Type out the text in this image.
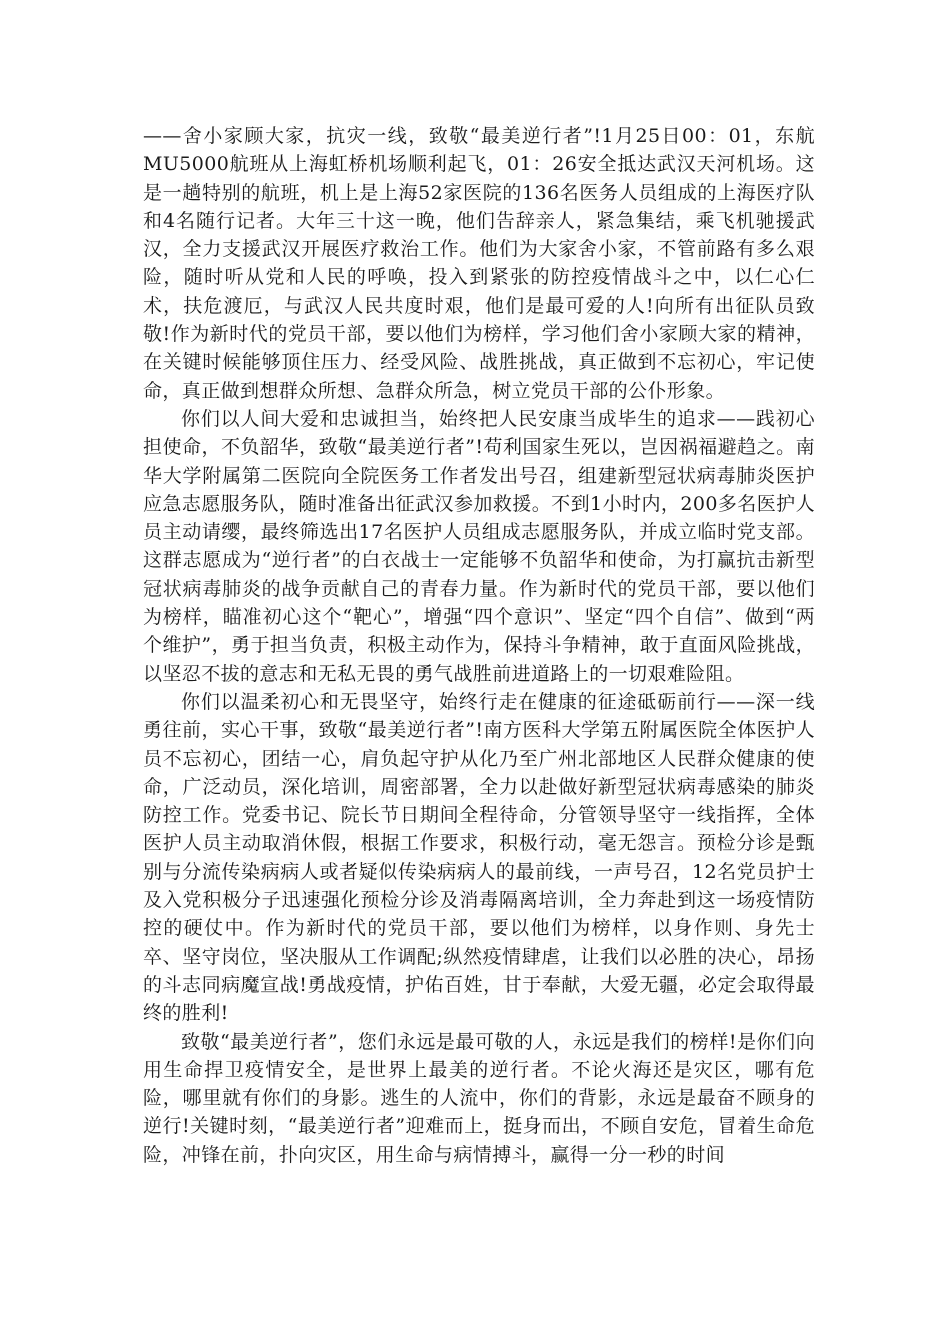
——舍小家顾大家，抗灾一线，致敬“最美逆行者”!1月25日00：01，东航MU5000航班从上海虹桥机场顺利起飞，01：26安全抵达武汉天河机场。这是一趟特别的航班，机上是上海52家医院的136名医务人员组成的上海医疗队和4名随行记者。大年三十这一晚，他们告辞亲人，紧急集结，乘飞机驰援武汉，全力支援武汉开展医疗救治工作。他们为大家舍小家，不管前路有多么艰险，随时听从党和人民的呼唤，投入到紧张的防控疫情战斗之中，以仁心仁术，扶危渡厄，与武汉人民共度时艰，他们是最可爱的人!向所有出征队员致敬!作为新时代的党员干部，要以他们为榜样，学习他们舍小家顾大家的精神，在关键时候能够顶住压力、经受风险、战胜挑战，真正做到不忘初心，牢记使命，真正做到想群众所想、急群众所急，树立党员干部的公仆形象。

你们以人间大爱和忠诚担当，始终把人民安康当成毕生的追求——践初心担使命，不负韶华，致敬“最美逆行者”!苟利国家生死以，岂因祸福避趋之。南华大学附属第二医院向全院医务工作者发出号召，组建新型冠状病毒肺炎医护应急志愿服务队，随时准备出征武汉参加救援。不到1小时内，200多名医护人员主动请缨，最终筛选出17名医护人员组成志愿服务队，并成立临时党支部。这群志愿成为“逆行者”的白衣战士一定能够不负韶华和使命，为打赢抗击新型冠状病毒肺炎的战争贡献自己的青春力量。作为新时代的党员干部，要以他们为榜样，瞄准初心这个“靶心”，增强“四个意识”、坚定“四个自信”、做到“两个维护”，勇于担当负责，积极主动作为，保持斗争精神，敢于直面风险挑战，以坚忍不拔的意志和无私无畏的勇气战胜前进道路上的一切艰难险阻。

你们以温柔初心和无畏坚守，始终行走在健康的征途砥砺前行——深一线勇往前，实心干事，致敬“最美逆行者”!南方医科大学第五附属医院全体医护人员不忘初心，团结一心，肩负起守护从化乃至广州北部地区人民群众健康的使命，广泛动员，深化培训，周密部署，全力以赴做好新型冠状病毒感染的肺炎防控工作。党委书记、院长节日期间全程待命，分管领导坚守一线指挥，全体医护人员主动取消休假，根据工作要求，积极行动，毫无怨言。预检分诊是甄别与分流传染病病人或者疑似传染病病人的最前线，一声号召，12名党员护士及入党积极分子迅速强化预检分诊及消毒隔离培训，全力奔赴到这一场疫情防控的硬仗中。作为新时代的党员干部，要以他们为榜样，以身作则、身先士卒、坚守岗位，坚决服从工作调配;纵然疫情肆虐，让我们以必胜的决心，昂扬的斗志同病魔宣战!勇战疫情，护佑百姓，甘于奉献，大爱无疆，必定会取得最终的胜利!

致敬“最美逆行者”，您们永远是最可敬的人，永远是我们的榜样!是你们向用生命捍卫疫情安全，是世界上最美的逆行者。不论火海还是灾区，哪有危险，哪里就有你们的身影。逃生的人流中，你们的背影，永远是最奋不顾身的逆行!关键时刻，“最美逆行者”迎难而上，挺身而出，不顾自安危，冒着生命危险，冲锋在前，扑向灾区，用生命与病情搏斗，赢得一分一秒的时间
